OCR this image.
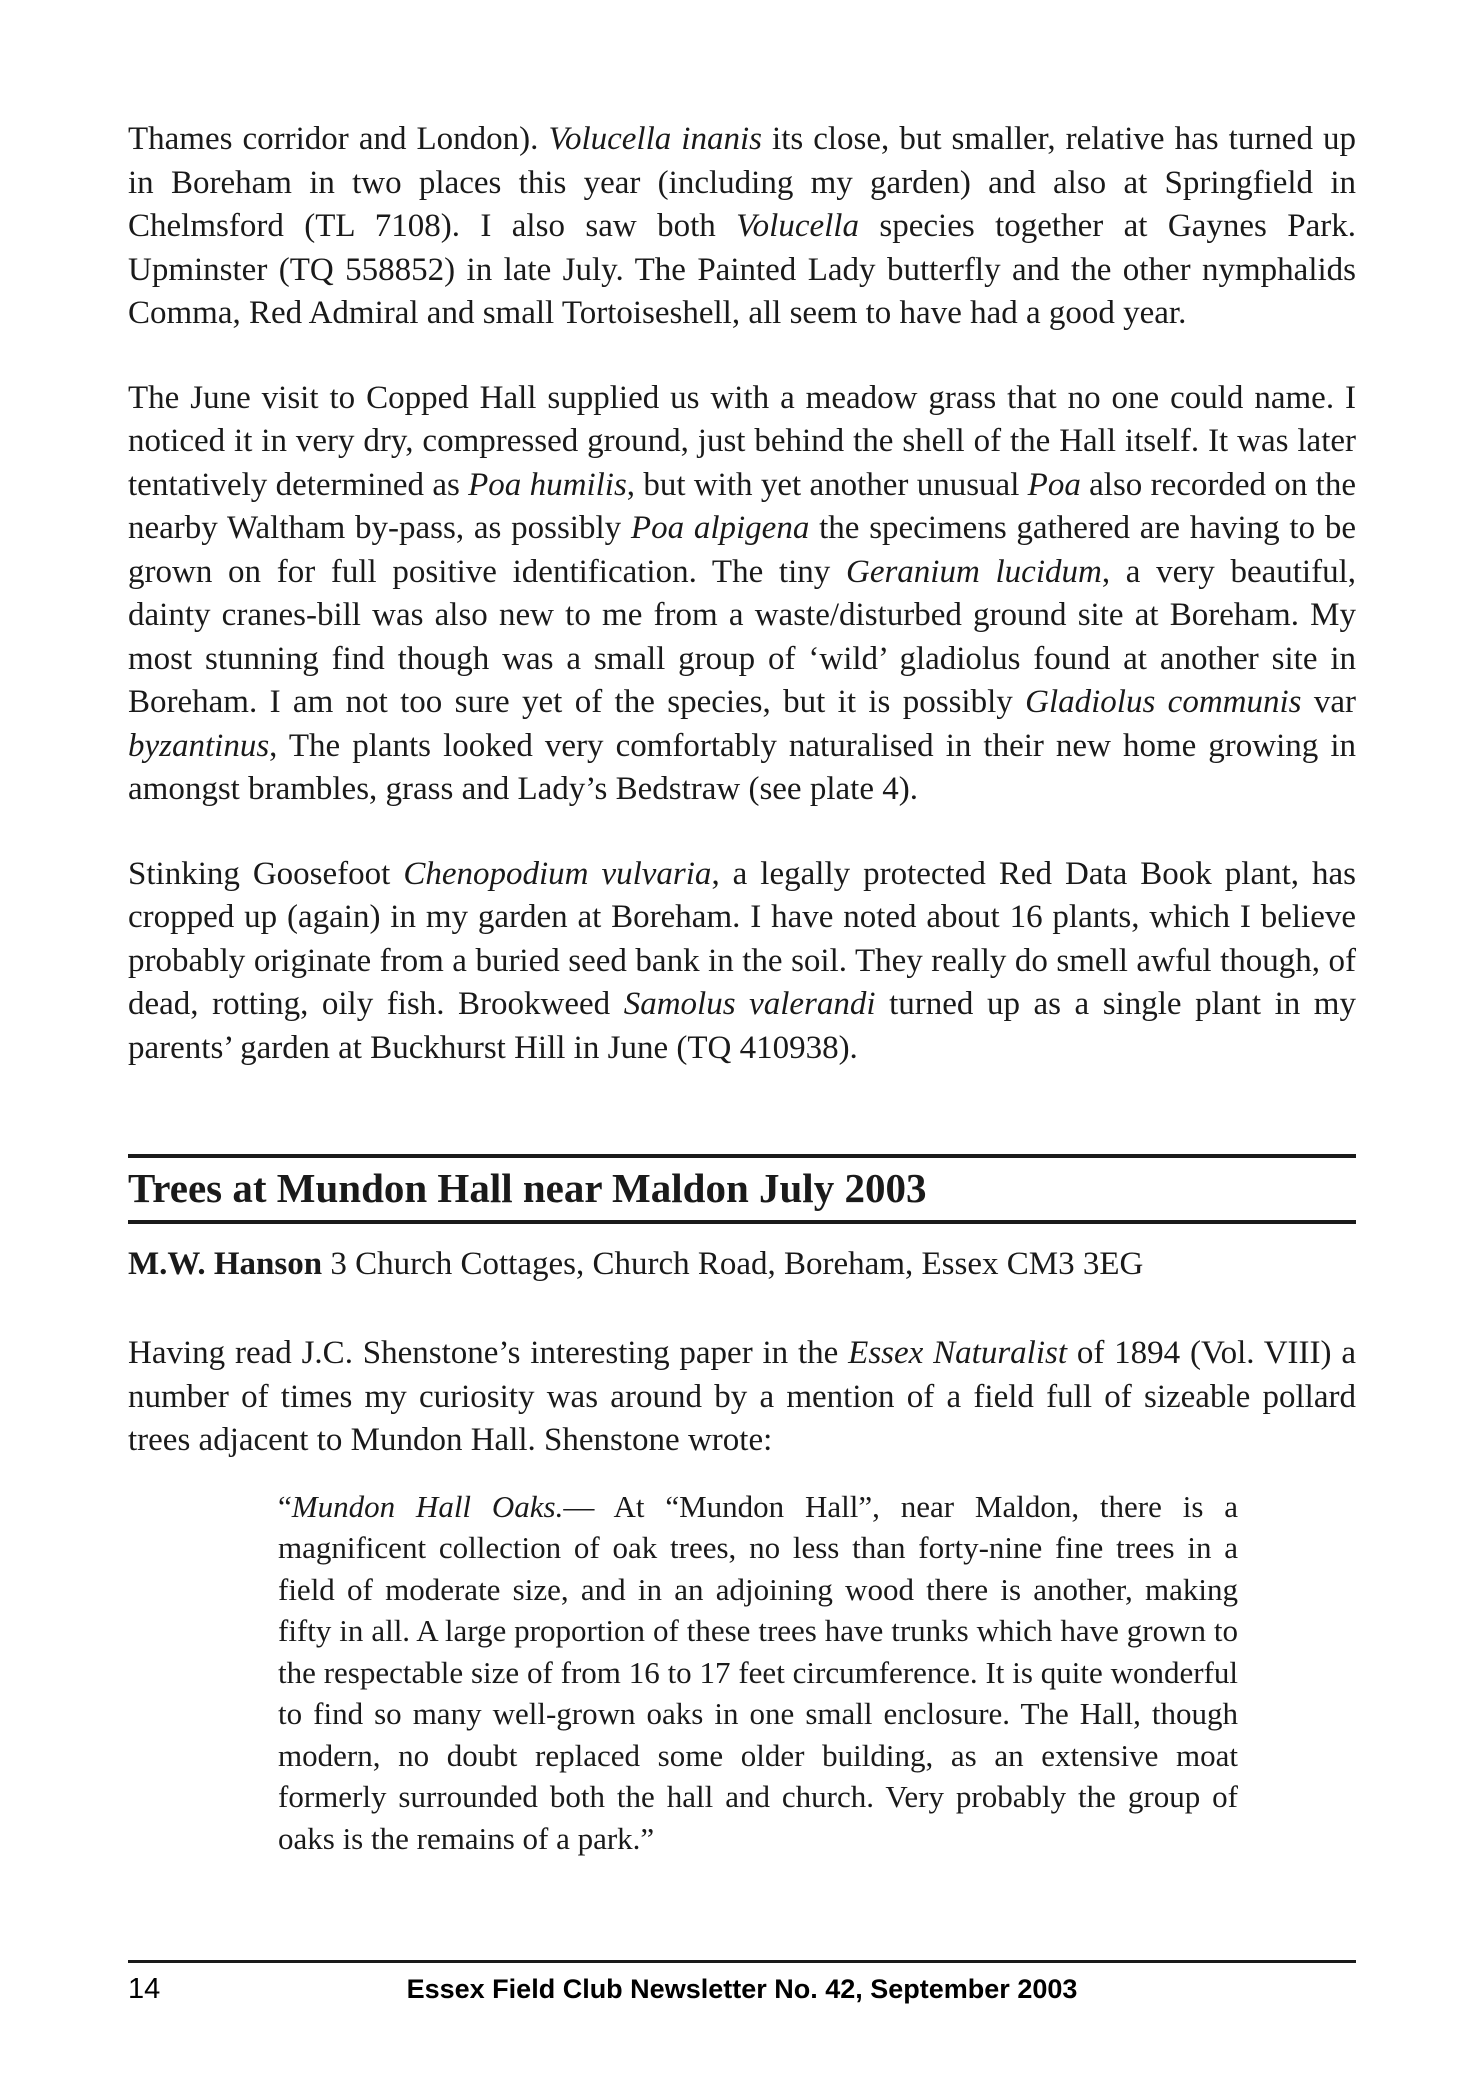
Thames corridor and London). Volucella inanis its close, but smaller, relative has turned up in Boreham in two places this year (including my garden) and also at Springfield in Chelmsford (TL 7108). I also saw both Volucella species together at Gaynes Park. Upminster (TQ 558852) in late July. The Painted Lady butterfly and the other nymphalids Comma, Red Admiral and small Tortoiseshell, all seem to have had a good year.

The June visit to Copped Hall supplied us with a meadow grass that no one could name. I noticed it in very dry, compressed ground, just behind the shell of the Hall itself. It was later tentatively determined as Poa humilis, but with yet another unusual Poa also recorded on the nearby Waltham by-pass, as possibly Poa alpigena the specimens gathered are having to be grown on for full positive identification. The tiny Geranium lucidum, a very beautiful, dainty cranes-bill was also new to me from a waste/disturbed ground site at Boreham. My most stunning find though was a small group of ‘wild’ gladiolus found at another site in Boreham. I am not too sure yet of the species, but it is possibly Gladiolus communis var byzantinus, The plants looked very comfortably naturalised in their new home growing in amongst brambles, grass and Lady’s Bedstraw (see plate 4).

Stinking Goosefoot Chenopodium vulvaria, a legally protected Red Data Book plant, has cropped up (again) in my garden at Boreham. I have noted about 16 plants, which I believe probably originate from a buried seed bank in the soil. They really do smell awful though, of dead, rotting, oily fish. Brookweed Samolus valerandi turned up as a single plant in my parents’ garden at Buckhurst Hill in June (TQ 410938).

Trees at Mundon Hall near Maldon July 2003

M.W. Hanson 3 Church Cottages, Church Road, Boreham, Essex CM3 3EG

Having read J.C. Shenstone’s interesting paper in the Essex Naturalist of 1894 (Vol. VIII) a number of times my curiosity was around by a mention of a field full of sizeable pollard trees adjacent to Mundon Hall. Shenstone wrote:

“Mundon Hall Oaks.— At “Mundon Hall”, near Maldon, there is a magnificent collection of oak trees, no less than forty-nine fine trees in a field of moderate size, and in an adjoining wood there is another, making fifty in all. A large proportion of these trees have trunks which have grown to the respectable size of from 16 to 17 feet circumference. It is quite wonderful to find so many well-grown oaks in one small enclosure. The Hall, though modern, no doubt replaced some older building, as an extensive moat formerly surrounded both the hall and church. Very probably the group of oaks is the remains of a park.”

14	Essex Field Club Newsletter No. 42, September 2003
